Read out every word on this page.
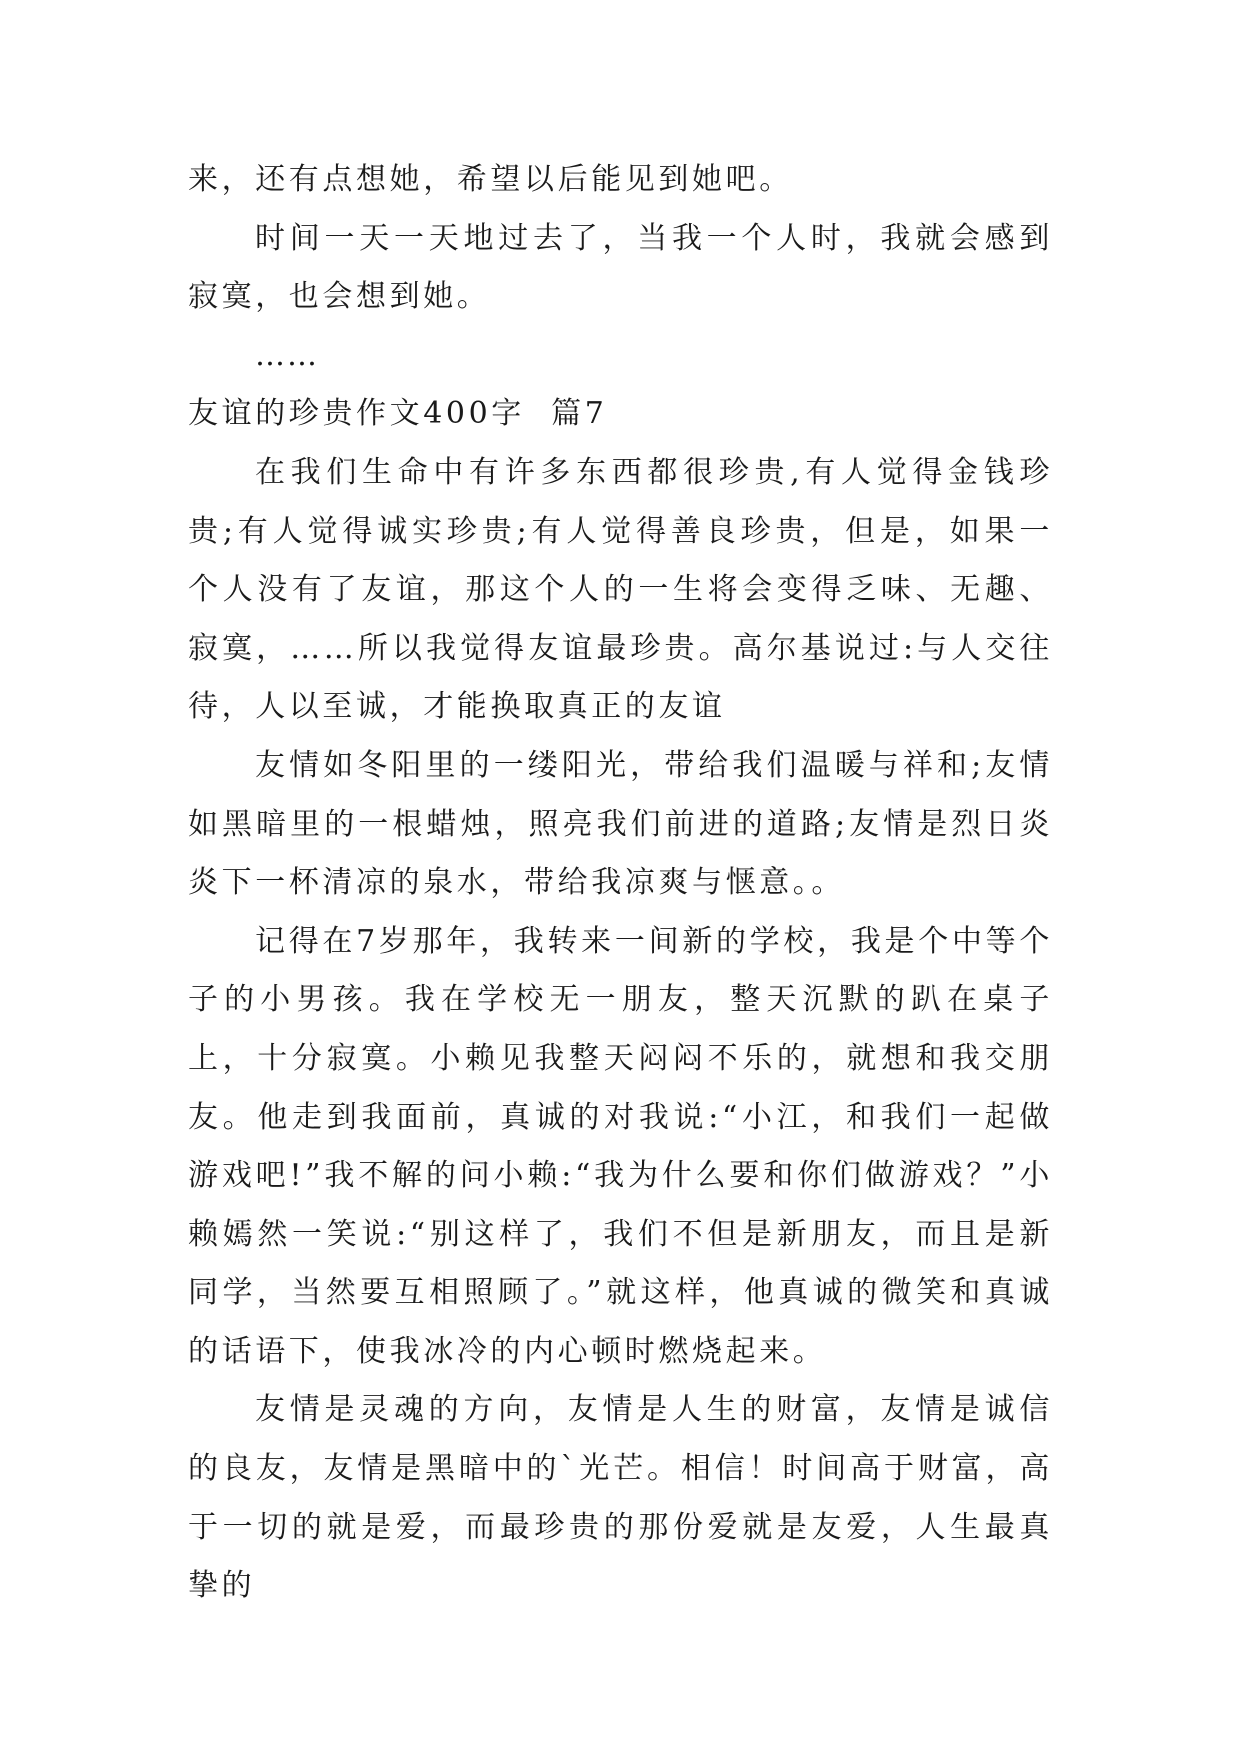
来，还有点想她，希望以后能见到她吧。

时间一天一天地过去了，当我一个人时，我就会感到寂寞，也会想到她。

……

友谊的珍贵作文400字  篇7

在我们生命中有许多东西都很珍贵,有人觉得金钱珍贵;有人觉得诚实珍贵;有人觉得善良珍贵，但是，如果一个人没有了友谊，那这个人的一生将会变得乏味、无趣、寂寞，……所以我觉得友谊最珍贵。高尔基说过:与人交往待，人以至诚，才能换取真正的友谊

友情如冬阳里的一缕阳光，带给我们温暖与祥和;友情如黑暗里的一根蜡烛，照亮我们前进的道路;友情是烈日炎炎下一杯清凉的泉水，带给我凉爽与惬意。。

记得在7岁那年，我转来一间新的学校，我是个中等个子的小男孩。我在学校无一朋友，整天沉默的趴在桌子上，十分寂寞。小赖见我整天闷闷不乐的，就想和我交朋友。他走到我面前，真诚的对我说:“小江，和我们一起做游戏吧!”我不解的问小赖:“我为什么要和你们做游戏？”小赖嫣然一笑说:“别这样了，我们不但是新朋友，而且是新同学，当然要互相照顾了。”就这样，他真诚的微笑和真诚的话语下，使我冰冷的内心顿时燃烧起来。

友情是灵魂的方向，友情是人生的财富，友情是诚信的良友，友情是黑暗中的`光芒。相信！时间高于财富，高于一切的就是爱，而最珍贵的那份爱就是友爱，人生最真挚的
